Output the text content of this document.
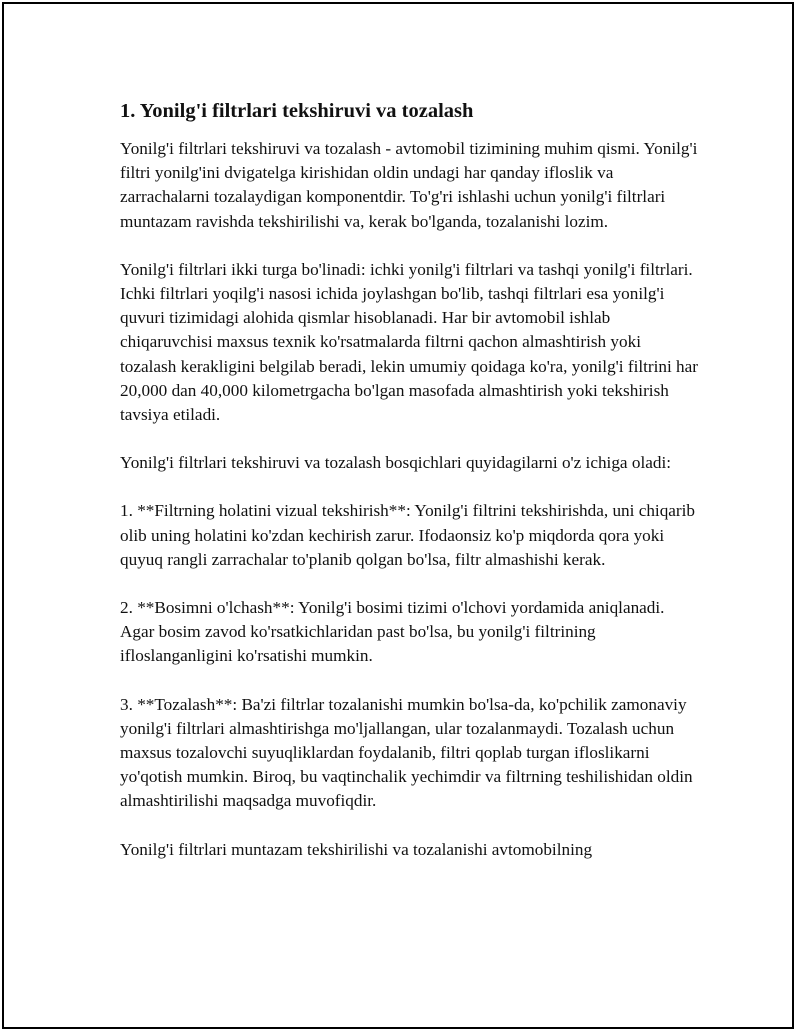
1. Yonilg'i filtrlari tekshiruvi va tozalash

Yonilg'i filtrlari tekshiruvi va tozalash - avtomobil tizimining muhim qismi. Yonilg'i filtri yonilg'ini dvigatelga kirishidan oldin undagi har qanday ifloslik va zarrachalarni tozalaydigan komponentdir. To'g'ri ishlashi uchun yonilg'i filtrlari muntazam ravishda tekshirilishi va, kerak bo'lganda, tozalanishi lozim.

Yonilg'i filtrlari ikki turga bo'linadi: ichki yonilg'i filtrlari va tashqi yonilg'i filtrlari. Ichki filtrlari yoqilg'i nasosi ichida joylashgan bo'lib, tashqi filtrlari esa yonilg'i quvuri tizimidagi alohida qismlar hisoblanadi. Har bir avtomobil ishlab chiqaruvchisi maxsus texnik ko'rsatmalarda filtrni qachon almashtirish yoki tozalash kerakligini belgilab beradi, lekin umumiy qoidaga ko'ra, yonilg'i filtrini har 20,000 dan 40,000 kilometrgacha bo'lgan masofada almashtirish yoki tekshirish tavsiya etiladi.

Yonilg'i filtrlari tekshiruvi va tozalash bosqichlari quyidagilarni o'z ichiga oladi:

1. **Filtrning holatini vizual tekshirish**: Yonilg'i filtrini tekshirishda, uni chiqarib olib uning holatini ko'zdan kechirish zarur. Ifodaonsiz ko'p miqdorda qora yoki quyuq rangli zarrachalar to'planib qolgan bo'lsa, filtr almashishi kerak.

2. **Bosimni o'lchash**: Yonilg'i bosimi tizimi o'lchovi yordamida aniqlanadi. Agar bosim zavod ko'rsatkichlaridan past bo'lsa, bu yonilg'i filtrining ifloslanganligini ko'rsatishi mumkin.

3. **Tozalash**: Ba'zi filtrlar tozalanishi mumkin bo'lsa-da, ko'pchilik zamonaviy yonilg'i filtrlari almashtirishga mo'ljallangan, ular tozalanmaydi. Tozalash uchun maxsus tozalovchi suyuqliklardan foydalanib, filtri qoplab turgan ifloslikarni yo'qotish mumkin. Biroq, bu vaqtinchalik yechimdir va filtrning teshilishidan oldin almashtirilishi maqsadga muvofiqdir.

Yonilg'i filtrlari muntazam tekshirilishi va tozalanishi avtomobilning
